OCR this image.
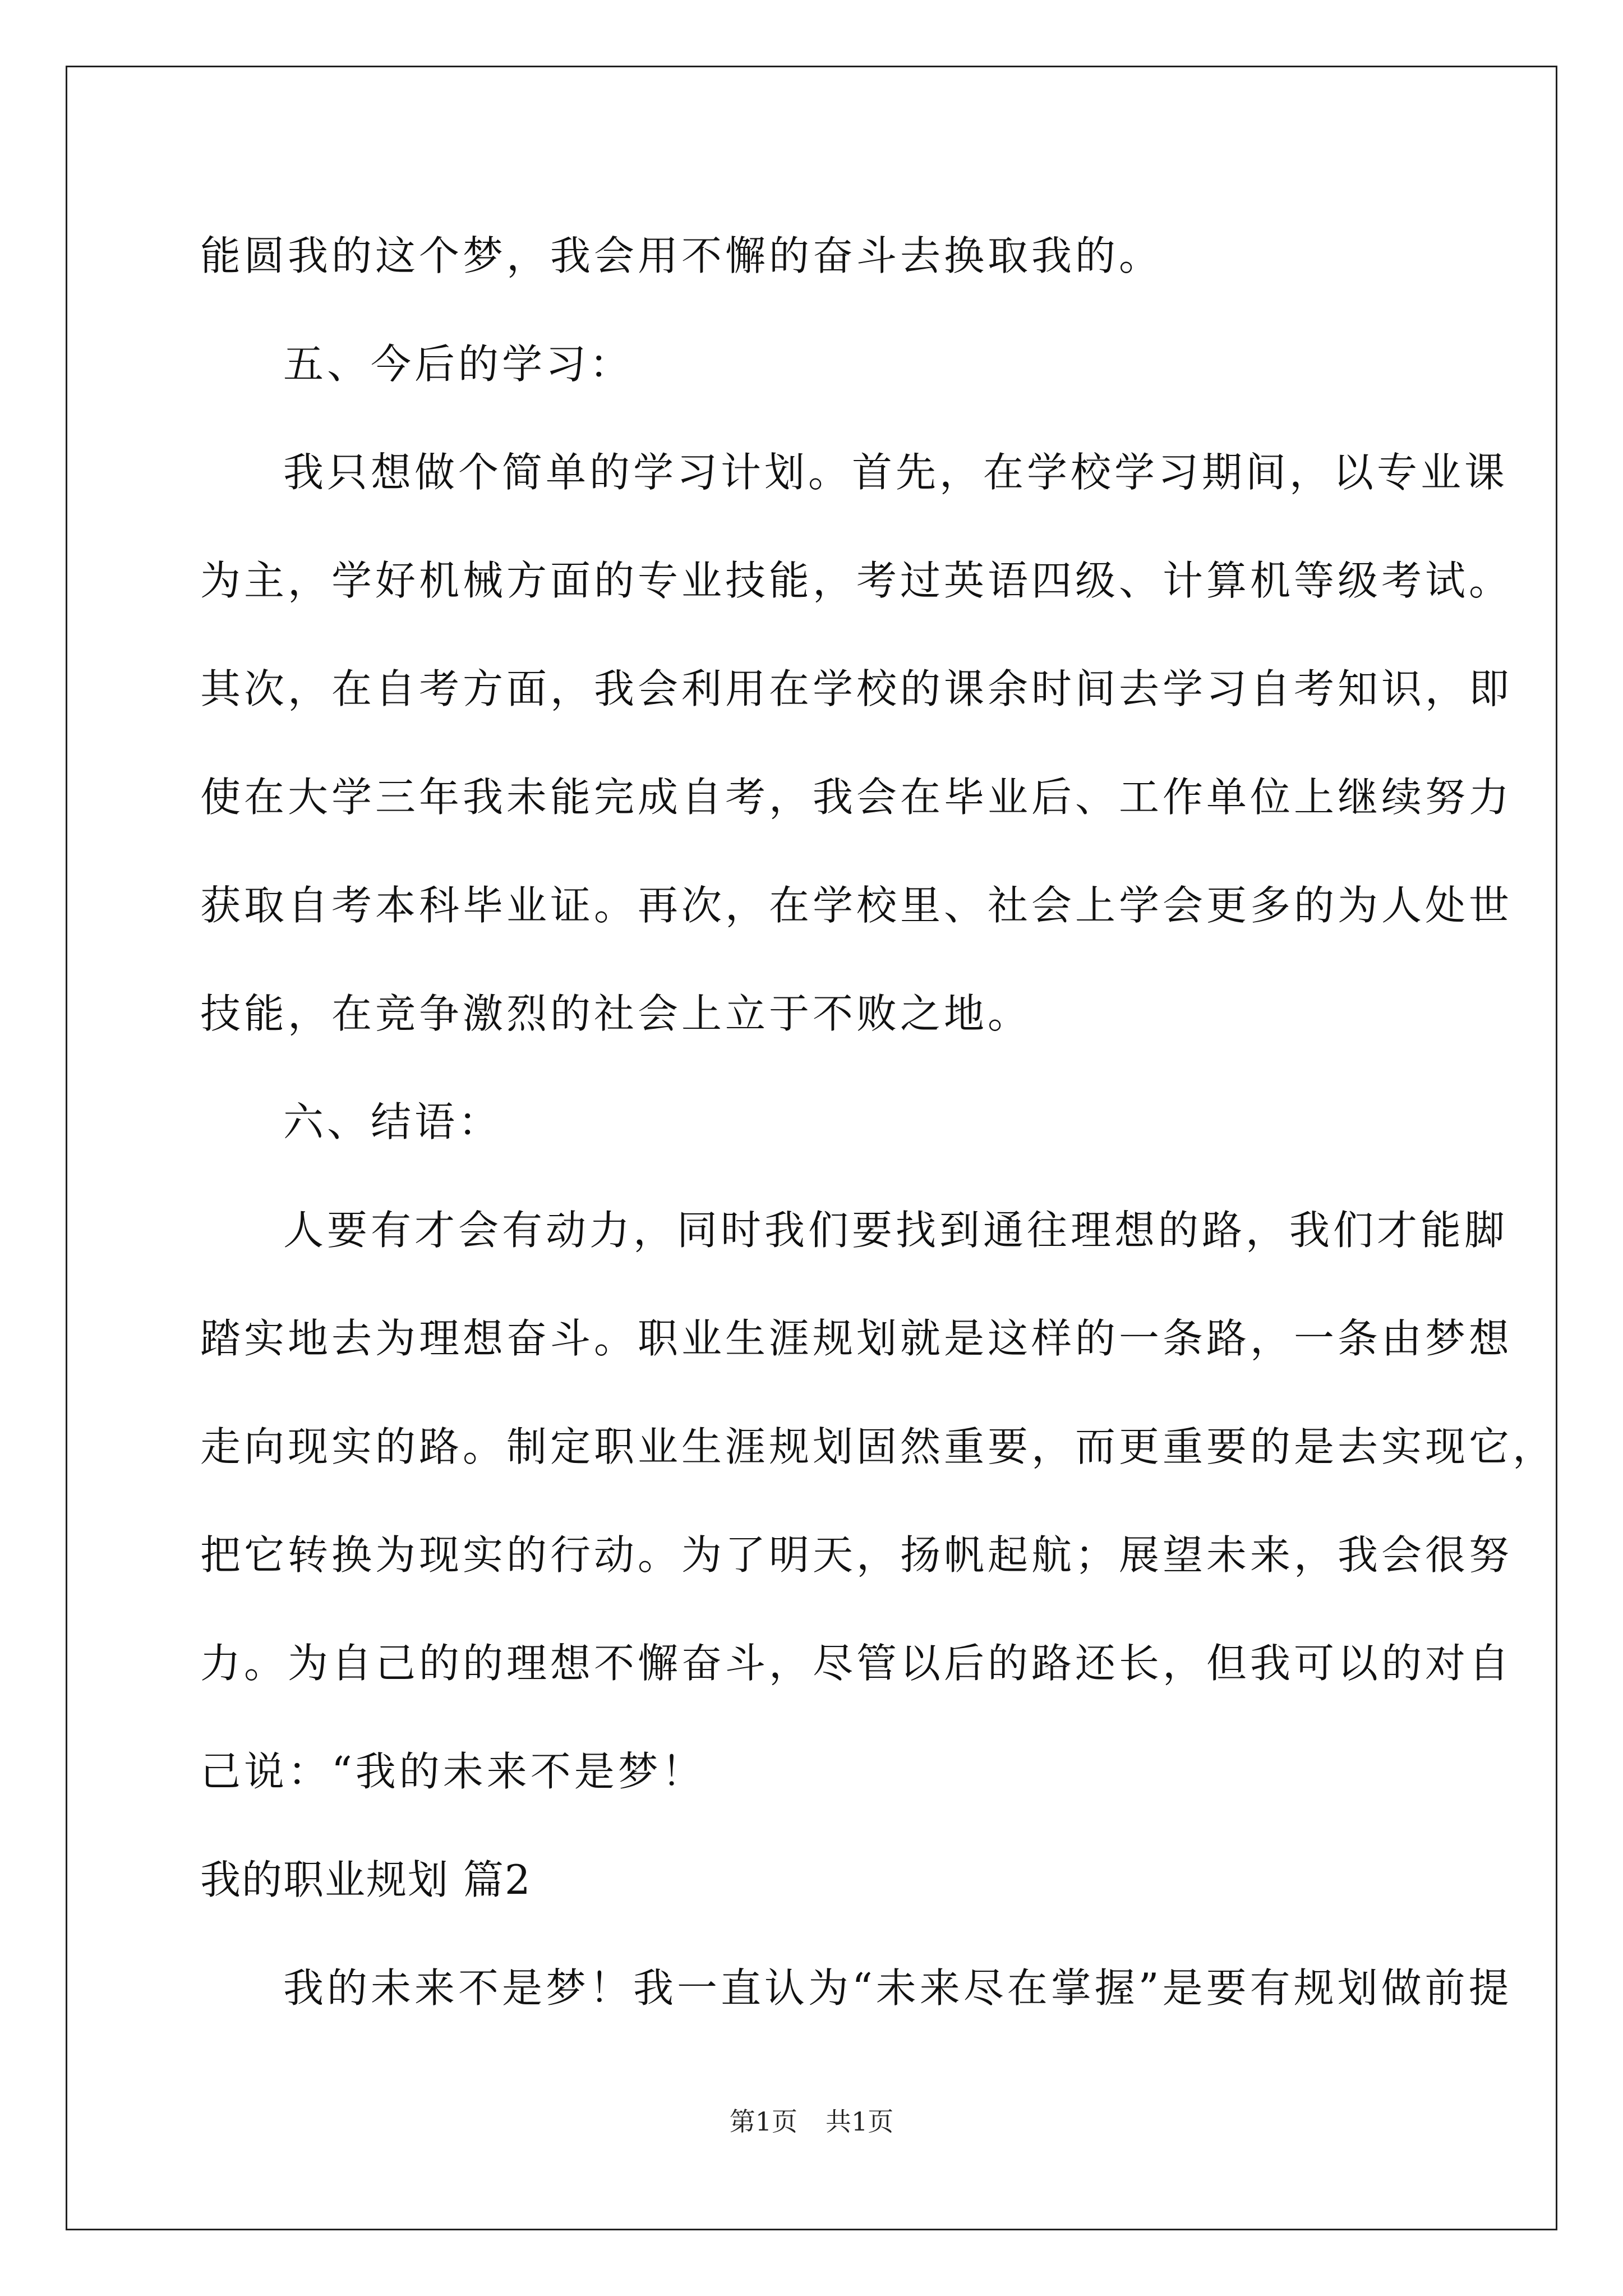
能圆我的这个梦，我会用不懈的奋斗去换取我的。
五、今后的学习：
我只想做个简单的学习计划。首先，在学校学习期间，以专业课
为主，学好机械方面的专业技能，考过英语四级、计算机等级考试。
其次，在自考方面，我会利用在学校的课余时间去学习自考知识，即
使在大学三年我未能完成自考，我会在毕业后、工作单位上继续努力
获取自考本科毕业证。再次，在学校里、社会上学会更多的为人处世
技能，在竞争激烈的社会上立于不败之地。
六、结语：
人要有才会有动力，同时我们要找到通往理想的路，我们才能脚
踏实地去为理想奋斗。职业生涯规划就是这样的一条路，一条由梦想
走向现实的路。制定职业生涯规划固然重要，而更重要的是去实现它，
把它转换为现实的行动。为了明天，扬帆起航；展望未来，我会很努
力。为自己的的理想不懈奋斗，尽管以后的路还长，但我可以的对自
己说：“我的未来不是梦！
我的职业规划 篇2
我的未来不是梦！我一直认为“未来尽在掌握”是要有规划做前提
第1页 共1页
